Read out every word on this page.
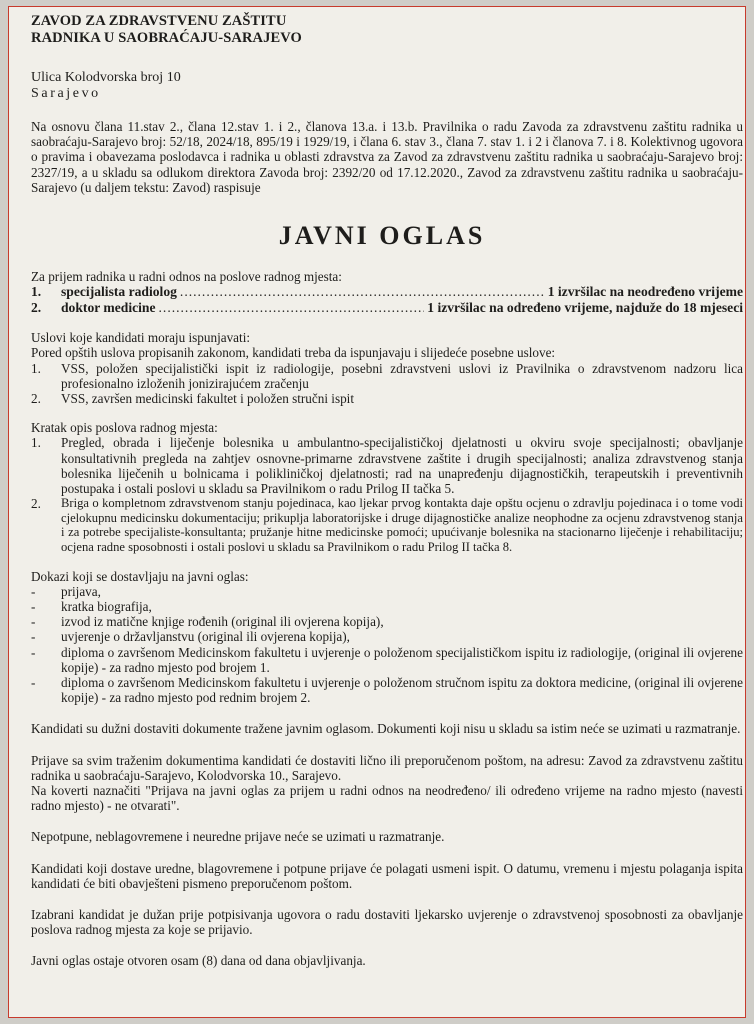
ZAVOD ZA ZDRAVSTVENU ZAŠTITU
RADNIKA U SAOBRAĆAJU-SARAJEVO
Ulica Kolodvorska broj 10
Sarajevo
Na osnovu člana 11.stav 2., člana 12.stav 1. i 2., članova 13.a. i 13.b. Pravilnika o radu Zavoda za zdravstvenu zaštitu radnika u saobraćaju-Sarajevo broj: 52/18, 2024/18, 895/19 i 1929/19, i člana 6. stav 3., člana 7. stav 1. i 2 i članova 7. i 8. Kolektivnog ugovora o pravima i obavezama poslodavca i radnika u oblasti zdravstva za Zavod za zdravstvenu zaštitu radnika u saobraćaju-Sarajevo broj: 2327/19, a u skladu sa odlukom direktora Zavoda broj: 2392/20 od 17.12.2020., Zavod za zdravstvenu zaštitu radnika u saobraćaju-Sarajevo (u daljem tekstu: Zavod) raspisuje
JAVNI OGLAS
Za prijem radnika u radni odnos na poslove radnog mjesta:
1.	specijalista radiolog .....	1 izvršilac na neodređeno vrijeme
2.	doktor medicine .....	1 izvršilac na određeno vrijeme, najduže do 18 mjeseci
Uslovi koje kandidati moraju ispunjavati:
Pored opštih uslova propisanih zakonom, kandidati treba da ispunjavaju i slijedeće posebne uslove:
1.	VSS, položen specijalistički ispit iz radiologije, posebni zdravstveni uslovi iz Pravilnika o zdravstvenom nadzoru lica profesionalno izloženih jonizirajućem zračenju
2.	VSS, završen medicinski fakultet i položen stručni ispit
Kratak opis poslova radnog mjesta:
1.	Pregled, obrada i liječenje bolesnika u ambulantno-specijalističkoj djelatnosti u okviru svoje specijalnosti; obavljanje konsultativnih pregleda na zahtjev osnovne-primarne zdravstvene zaštite i drugih specijalnosti; analiza zdravstvenog stanja bolesnika liječenih u bolnicama i polikliničkoj djelatnosti; rad na unapređenju dijagnostičkih, terapeutskih i preventivnih postupaka i ostali poslovi u skladu sa Pravilnikom o radu Prilog II tačka 5.
2.	Briga o kompletnom zdravstvenom stanju pojedinaca, kao ljekar prvog kontakta daje opštu ocjenu o zdravlju pojedinaca i o tome vodi cjelokupnu medicinsku dokumentaciju; prikuplja laboratorijske i druge dijagnostičke analize neophodne za ocjenu zdravstvenog stanja i za potrebe specijaliste-konsultanta; pružanje hitne medicinske pomoći; upućivanje bolesnika na stacionarno liječenje i rehabilitaciju; ocjena radne sposobnosti i ostali poslovi u skladu sa Pravilnikom o radu Prilog II tačka 8.
Dokazi koji se dostavljaju na javni oglas:
-	prijava,
-	kratka biografija,
-	izvod iz matične knjige rođenih (original ili ovjerena kopija),
-	uvjerenje o državljanstvu (original ili ovjerena kopija),
-	diploma o završenom Medicinskom fakultetu i uvjerenje o položenom specijalističkom ispitu iz radiologije, (original ili ovjerene kopije) - za radno mjesto pod brojem 1.
-	diploma o završenom Medicinskom fakultetu i uvjerenje o položenom stručnom ispitu za doktora medicine, (original ili ovjerene kopije) - za radno mjesto pod rednim brojem 2.
Kandidati su dužni dostaviti dokumente tražene javnim oglasom. Dokumenti koji nisu u skladu sa istim neće se uzimati u razmatranje.
Prijave sa svim traženim dokumentima kandidati će dostaviti lično ili preporučenom poštom, na adresu: Zavod za zdravstvenu zaštitu radnika u saobraćaju-Sarajevo, Kolodvorska 10., Sarajevo.
Na koverti naznačiti "Prijava na javni oglas za prijem u radni odnos na neodređeno/ ili određeno vrijeme na radno mjesto (navesti radno mjesto) - ne otvarati".
Nepotpune, neblagovremene i neuredne prijave neće se uzimati u razmatranje.
Kandidati koji dostave uredne, blagovremene i potpune prijave će polagati usmeni ispit. O datumu, vremenu i mjestu polaganja ispita kandidati će biti obavješteni pismeno preporučenom poštom.
Izabrani kandidat je dužan prije potpisivanja ugovora o radu dostaviti ljekarsko uvjerenje o zdravstvenoj sposobnosti za obavljanje poslova radnog mjesta za koje se prijavio.
Javni oglas ostaje otvoren osam (8) dana od dana objavljivanja.
